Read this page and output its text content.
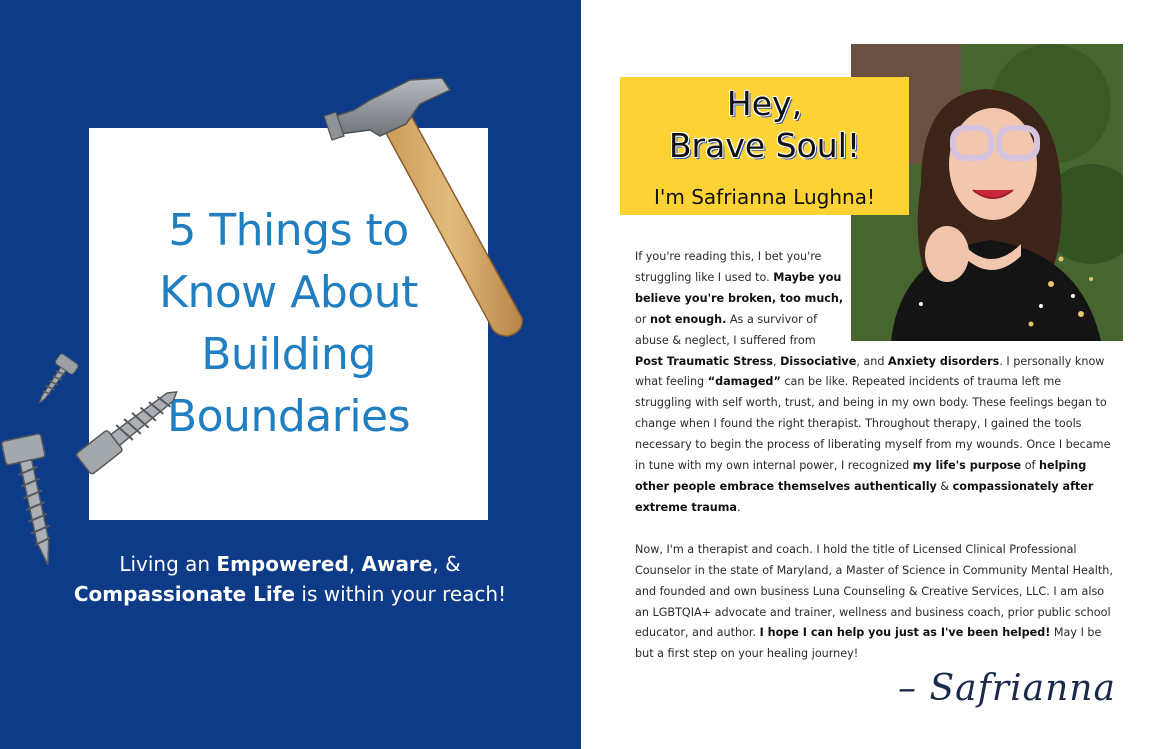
5 Things to
Know About
Building
Boundaries

Living an Empowered, Aware, &
Compassionate Life is within your reach!

Hey,
Brave Soul!
I'm Safrianna Lughna!

If you're reading this, I bet you're struggling like I used to. Maybe you believe you're broken, too much, or not enough. As a survivor of abuse & neglect, I suffered from
Post Traumatic Stress, Dissociative, and Anxiety disorders. I personally know what feeling “damaged” can be like. Repeated incidents of trauma left me struggling with self worth, trust, and being in my own body. These feelings began to change when I found the right therapist. Throughout therapy, I gained the tools necessary to begin the process of liberating myself from my wounds. Once I became in tune with my own internal power, I recognized my life's purpose of helping other people embrace themselves authentically & compassionately after extreme trauma.

Now, I'm a therapist and coach. I hold the title of Licensed Clinical Professional Counselor in the state of Maryland, a Master of Science in Community Mental Health, and founded and own business Luna Counseling & Creative Services, LLC. I am also an LGBTQIA+ advocate and trainer, wellness and business coach, prior public school educator, and author. I hope I can help you just as I've been helped! May I be but a first step on your healing journey!

– Safrianna
